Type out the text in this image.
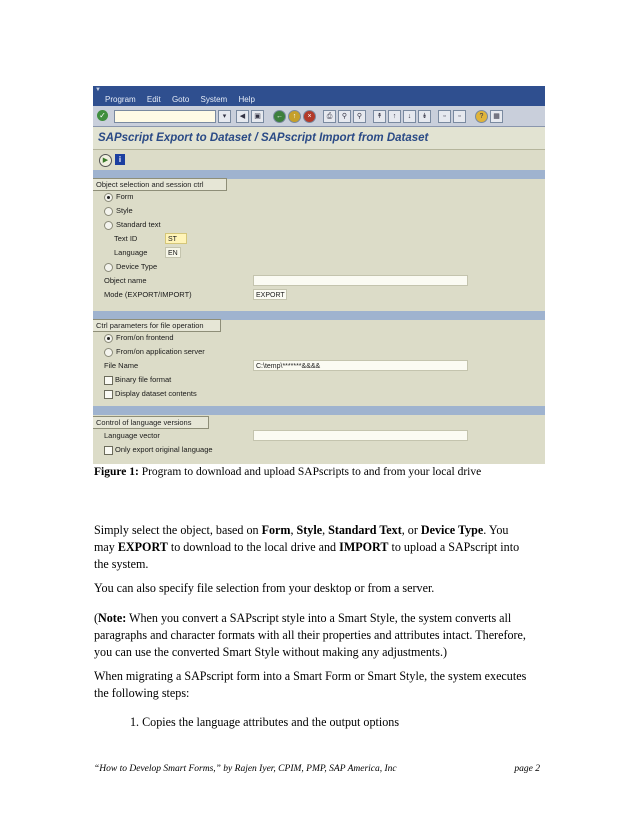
▼
Program Edit Goto System Help
✓	▾	◀	▣	←	↑	×	⎙	⚲	⚲	↟	↑	↓	↡	▫	▫	?	▦
SAPscript Export to Dataset / SAPscript Import from Dataset
▶	i
Object selection and session ctrl
Form
Style
Standard text
Text ID	ST
Language	EN
Device Type
Object name
Mode (EXPORT/IMPORT)	EXPORT
Ctrl parameters for file operation
From/on frontend
From/on application server
File Name	C:\temp\*******&&&&
Binary file format
Display dataset contents
Control of language versions
Language vector
Only export original language
Figure 1: Program to download and upload SAPscripts to and from your local drive
Simply select the object, based on Form, Style, Standard Text, or Device Type. You
may EXPORT to download to the local drive and IMPORT to upload a SAPscript into
the system.
You can also specify file selection from your desktop or from a server.
(Note: When you convert a SAPscript style into a Smart Style, the system converts all
paragraphs and character formats with all their properties and attributes intact. Therefore,
you can use the converted Smart Style without making any adjustments.)
When migrating a SAPscript form into a Smart Form or Smart Style, the system executes
the following steps:
1. Copies the language attributes and the output options
“How to Develop Smart Forms,” by Rajen Iyer, CPIM, PMP, SAP America, Inc	page 2
